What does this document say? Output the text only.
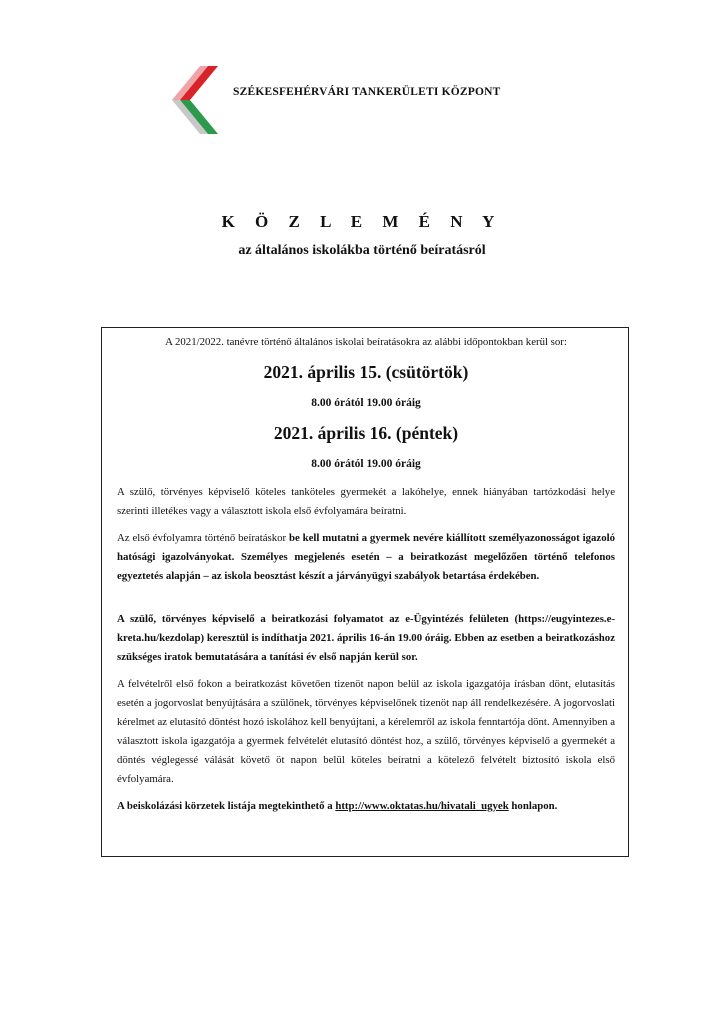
SZÉKESFEHÉRVÁRI TANKERÜLETI KÖZPONT
K Ö Z L E M É N Y
az általános iskolákba történő beíratásról

A 2021/2022. tanévre történő általános iskolai beíratásokra az alábbi időpontokban kerül sor:

2021. április 15. (csütörtök)

8.00 órától 19.00 óráig

2021. április 16. (péntek)

8.00 órától 19.00 óráig

A szülő, törvényes képviselő köteles tanköteles gyermekét a lakóhelye, ennek hiányában tartózkodási helye szerinti illetékes vagy a választott iskola első évfolyamára beíratni.

Az első évfolyamra történő beíratáskor be kell mutatni a gyermek nevére kiállított személyazonosságot igazoló hatósági igazolványokat. Személyes megjelenés esetén – a beiratkozást megelőzően történő telefonos egyeztetés alapján – az iskola beosztást készít a járványügyi szabályok betartása érdekében.

A szülő, törvényes képviselő a beiratkozási folyamatot az e-Ügyintézés felületen (https://eugyintezes.e-kreta.hu/kezdolap) keresztül is indíthatja 2021. április 16-án 19.00 óráig. Ebben az esetben a beiratkozáshoz szükséges iratok bemutatására a tanítási év első napján kerül sor.

A felvételről első fokon a beiratkozást követően tizenöt napon belül az iskola igazgatója írásban dönt, elutasítás esetén a jogorvoslat benyújtására a szülőnek, törvényes képviselőnek tizenöt nap áll rendelkezésére. A jogorvoslati kérelmet az elutasító döntést hozó iskolához kell benyújtani, a kérelemről az iskola fenntartója dönt. Amennyiben a választott iskola igazgatója a gyermek felvételét elutasító döntést hoz, a szülő, törvényes képviselő a gyermekét a döntés véglegessé válását követő öt napon belül köteles beíratni a kötelező felvételt biztosító iskola első évfolyamára.

A beiskolázási körzetek listája megtekinthető a http://www.oktatas.hu/hivatali_ugyek honlapon.
